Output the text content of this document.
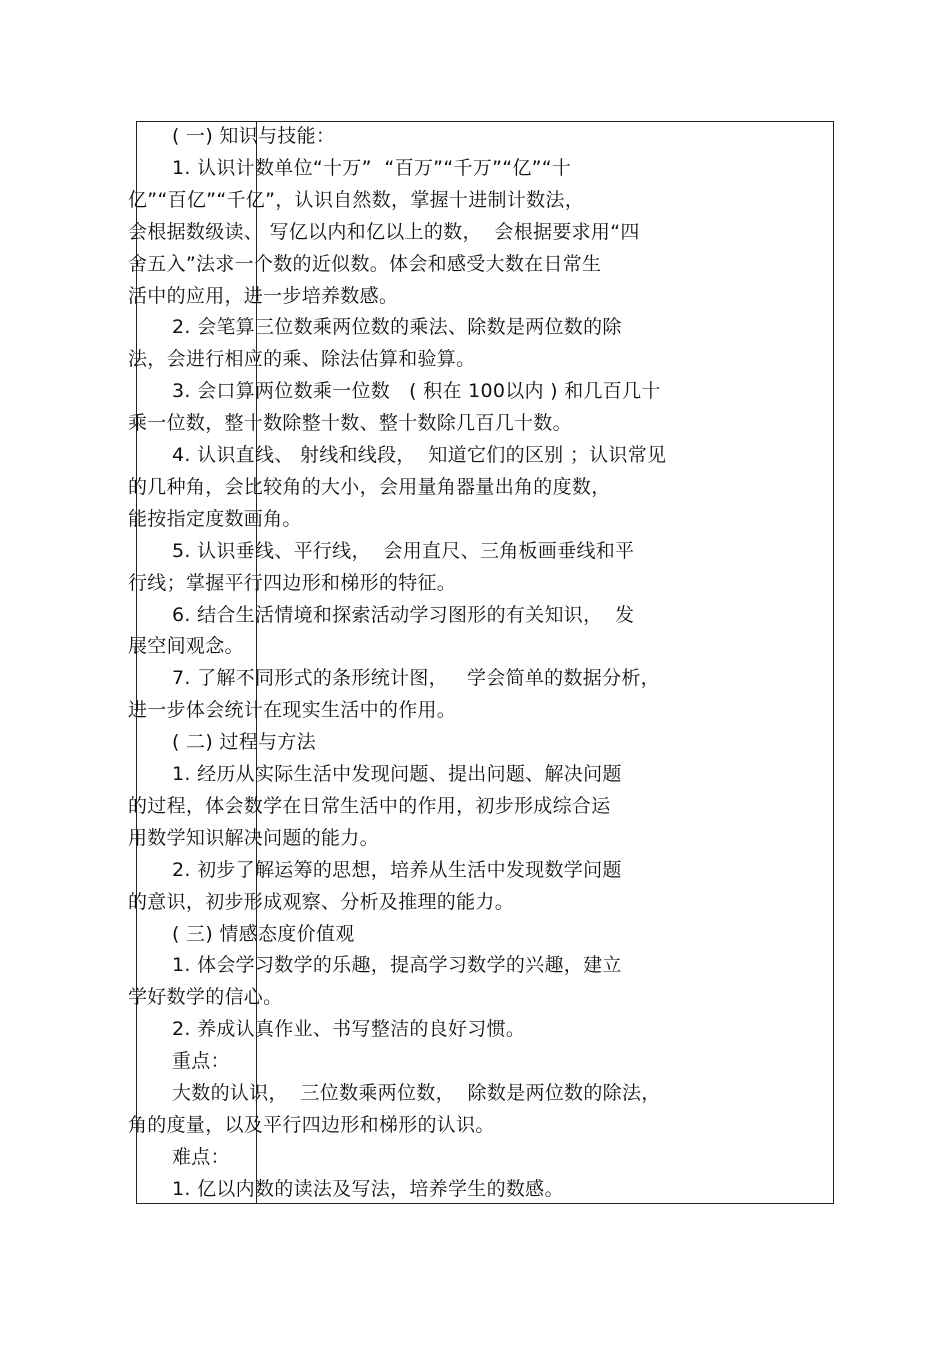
( 一) 知识与技能：
1. 认识计数单位“十万”  “百万”“千万”“亿”“十
亿”“百亿”“千亿”，认识自然数，掌握十进制计数法，
会根据数级读、 写亿以内和亿以上的数，  会根据要求用“四
舍五入”法求一个数的近似数。体会和感受大数在日常生
活中的应用，进一步培养数感。
2. 会笔算三位数乘两位数的乘法、除数是两位数的除
法，会进行相应的乘、除法估算和验算。
3. 会口算两位数乘一位数   ( 积在 100以内 ) 和几百几十
乘一位数，整十数除整十数、整十数除几百几十数。
4. 认识直线、 射线和线段，  知道它们的区别 ；认识常见
的几种角，会比较角的大小，会用量角器量出角的度数，
能按指定度数画角。
5. 认识垂线、平行线，  会用直尺、三角板画垂线和平
行线；掌握平行四边形和梯形的特征。
6. 结合生活情境和探索活动学习图形的有关知识，  发
展空间观念。
7. 了解不同形式的条形统计图，   学会简单的数据分析，
进一步体会统计在现实生活中的作用。
( 二) 过程与方法
1. 经历从实际生活中发现问题、提出问题、解决问题
的过程，体会数学在日常生活中的作用，初步形成综合运
用数学知识解决问题的能力。
2. 初步了解运筹的思想，培养从生活中发现数学问题
的意识，初步形成观察、分析及推理的能力。
( 三) 情感态度价值观
1. 体会学习数学的乐趣，提高学习数学的兴趣，建立
学好数学的信心。
2. 养成认真作业、书写整洁的良好习惯。
重点：
大数的认识，  三位数乘两位数，  除数是两位数的除法，
角的度量，以及平行四边形和梯形的认识。
难点：
1. 亿以内数的读法及写法，培养学生的数感。
